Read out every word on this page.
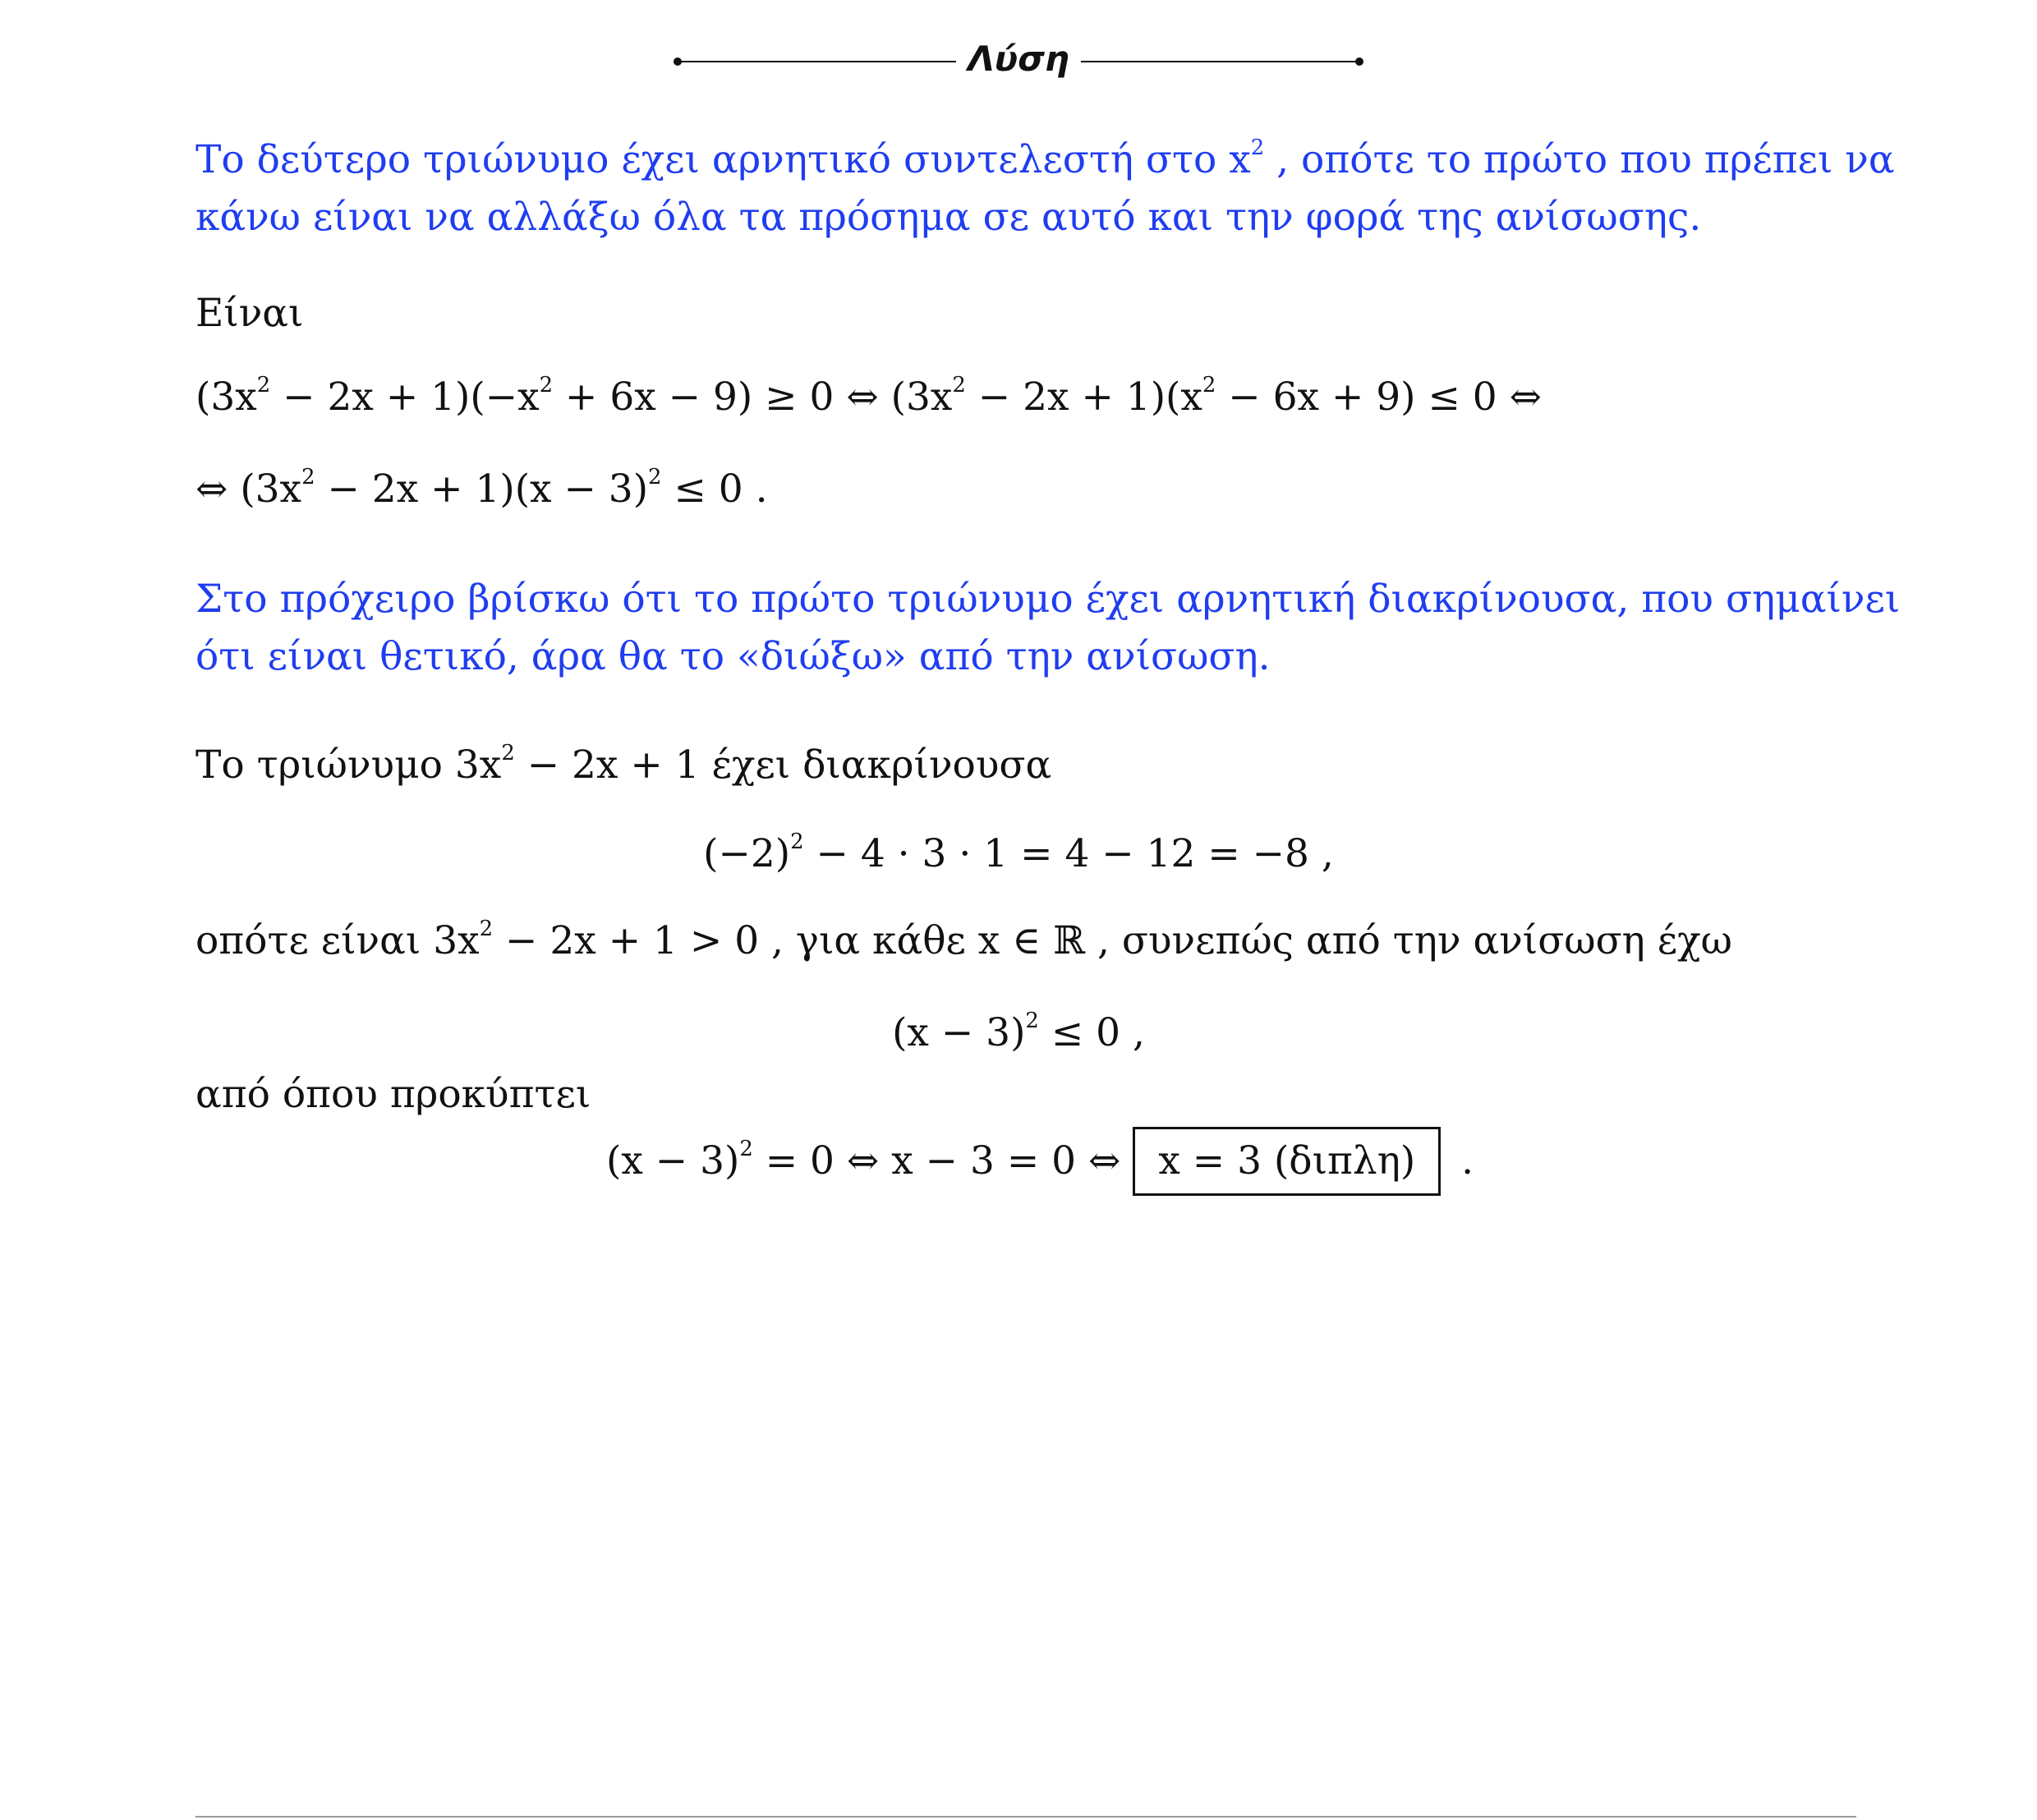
Λύση
Το δεύτερο τριώνυμο έχει αρνητικό συντελεστή στο $x^2$ , οπότε το πρώτο που πρέπει να
κάνω είναι να αλλάξω όλα τα πρόσημα σε αυτό και την φορά της ανίσωσης.
Είναι
$(3x^2 - 2x + 1)(-x^2 + 6x - 9) \ge 0$ ⇔ $(3x^2 - 2x + 1)(x^2 - 6x + 9) \le 0$ ⇔
⇔ $(3x^2 - 2x + 1)(x - 3)^2 \le 0$ .
Στο πρόχειρο βρίσκω ότι το πρώτο τριώνυμο έχει αρνητική διακρίνουσα, που σημαίνει
ότι είναι θετικό, άρα θα το «διώξω» από την ανίσωση.
Το τριώνυμο $3x^2 - 2x + 1$ έχει διακρίνουσα
$(-2)^2 - 4 \cdot 3 \cdot 1 = 4 - 12 = -8$ ,
οπότε είναι $3x^2 - 2x + 1 > 0$ , για κάθε x ∈ ℝ , συνεπώς από την ανίσωση έχω
$(x - 3)^2 \le 0$ ,
από όπου προκύπτει
$(x - 3)^2 = 0$ ⇔ x − 3 = 0 ⇔ x = 3 (διπλη) .
